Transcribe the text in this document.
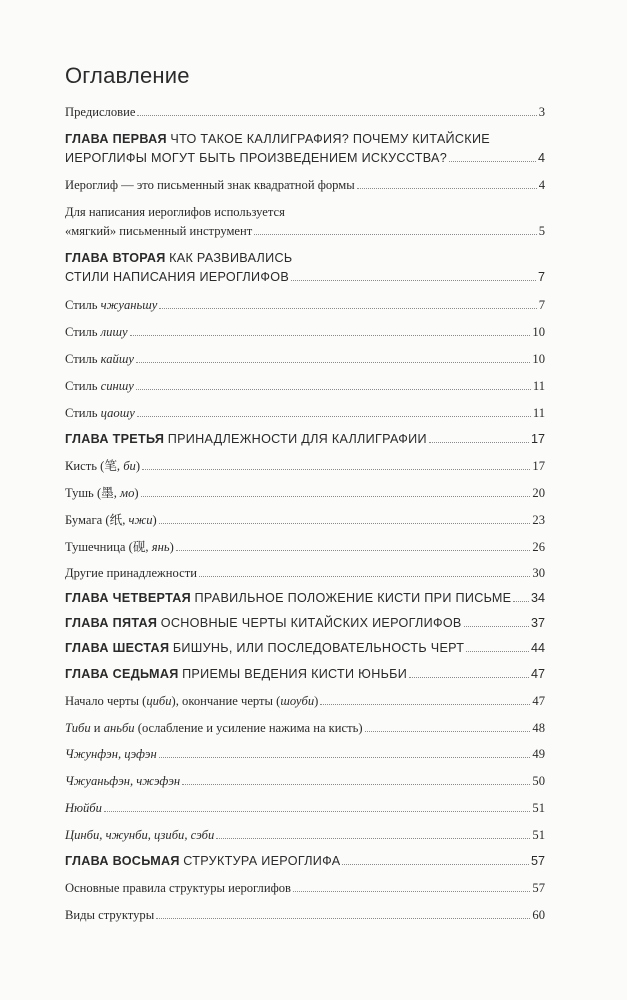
Оглавление
Предисловие	3
ГЛАВА ПЕРВАЯ ЧТО ТАКОЕ КАЛЛИГРАФИЯ? ПОЧЕМУ КИТАЙСКИЕ
ИЕРОГЛИФЫ МОГУТ БЫТЬ ПРОИЗВЕДЕНИЕМ ИСКУССТВА?	4
Иероглиф — это письменный знак квадратной формы	4
Для написания иероглифов используется
«мягкий» письменный инструмент	5
ГЛАВА ВТОРАЯ КАК РАЗВИВАЛИСЬ
СТИЛИ НАПИСАНИЯ ИЕРОГЛИФОВ	7
Стиль чжуаньшу	7
Стиль лишу	10
Стиль кайшу	10
Стиль синшу	11
Стиль цаошу	11
ГЛАВА ТРЕТЬЯ ПРИНАДЛЕЖНОСТИ ДЛЯ КАЛЛИГРАФИИ	17
Кисть (笔, би)	17
Тушь (墨, мо)	20
Бумага (纸, чжи)	23
Тушечница (砚, янь)	26
Другие принадлежности	30
ГЛАВА ЧЕТВЕРТАЯ ПРАВИЛЬНОЕ ПОЛОЖЕНИЕ КИСТИ ПРИ ПИСЬМЕ 34
ГЛАВА ПЯТАЯ ОСНОВНЫЕ ЧЕРТЫ КИТАЙСКИХ ИЕРОГЛИФОВ	37
ГЛАВА ШЕСТАЯ БИШУНЬ, ИЛИ ПОСЛЕДОВАТЕЛЬНОСТЬ ЧЕРТ	44
ГЛАВА СЕДЬМАЯ ПРИЕМЫ ВЕДЕНИЯ КИСТИ ЮНЬБИ	47
Начало черты (циби), окончание черты (шоуби)	47
Тиби и аньби (ослабление и усиление нажима на кисть)	48
Чжунфэн, цэфэн	49
Чжуаньфэн, чжэфэн	50
Нюйби	51
Цинби, чжунби, цзиби, сэби	51
ГЛАВА ВОСЬМАЯ СТРУКТУРА ИЕРОГЛИФА	57
Основные правила структуры иероглифов	57
Виды структуры	60
